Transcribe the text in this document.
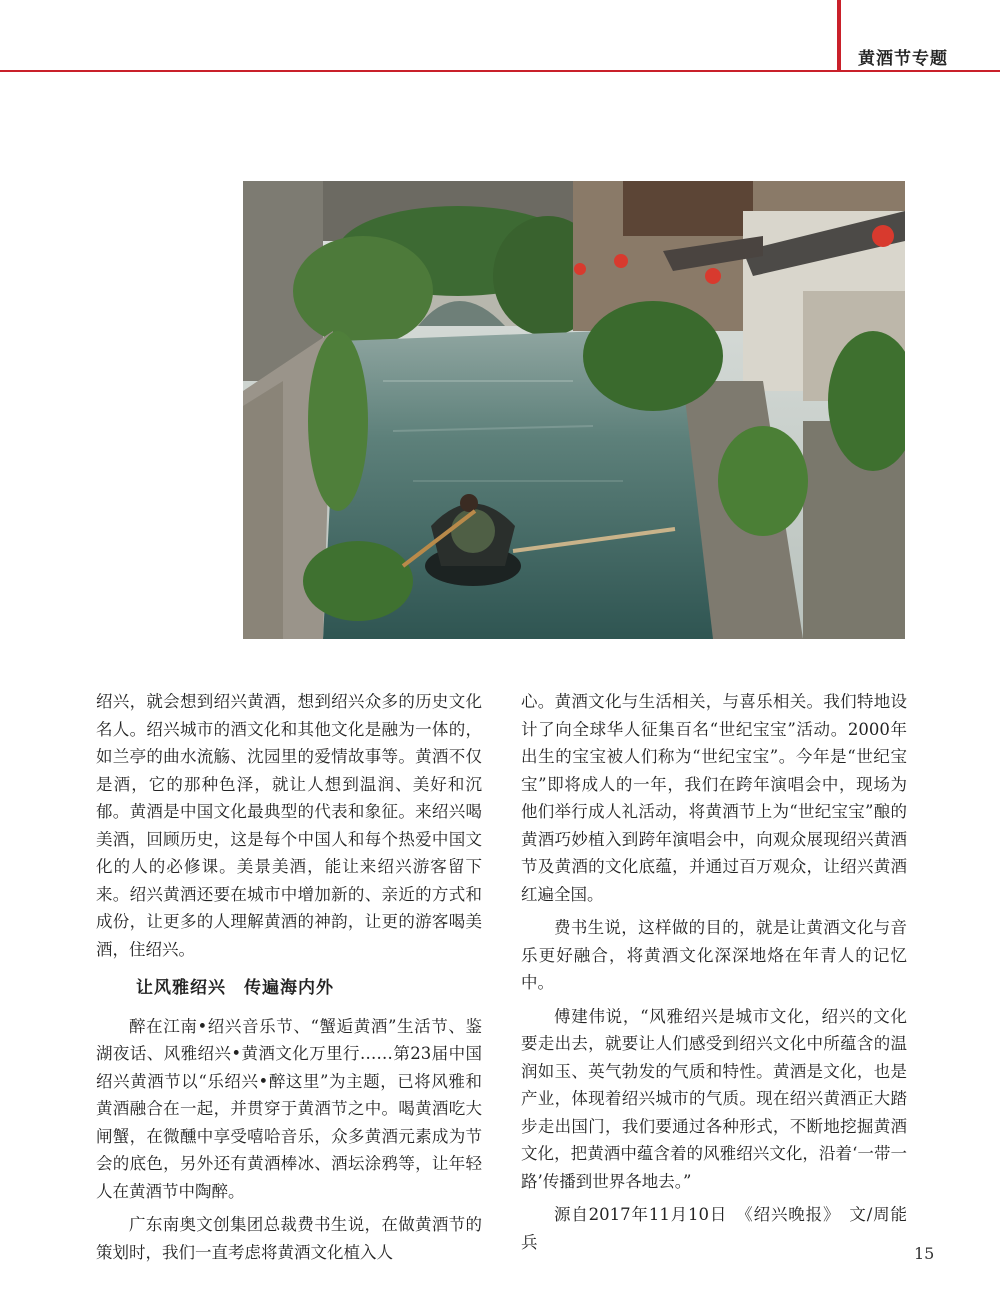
黄酒节专题

绍兴，就会想到绍兴黄酒，想到绍兴众多的历史文化名人。绍兴城市的酒文化和其他文化是融为一体的，如兰亭的曲水流觞、沈园里的爱情故事等。黄酒不仅是酒，它的那种色泽，就让人想到温润、美好和沉郁。黄酒是中国文化最典型的代表和象征。来绍兴喝美酒，回顾历史，这是每个中国人和每个热爱中国文化的人的必修课。美景美酒，能让来绍兴游客留下来。绍兴黄酒还要在城市中增加新的、亲近的方式和成份，让更多的人理解黄酒的神韵，让更的游客喝美酒，住绍兴。

让风雅绍兴　传遍海内外

醉在江南•绍兴音乐节、“蟹逅黄酒”生活节、鉴湖夜话、风雅绍兴•黄酒文化万里行……第23届中国绍兴黄酒节以“乐绍兴•醉这里”为主题，已将风雅和黄酒融合在一起，并贯穿于黄酒节之中。喝黄酒吃大闸蟹，在微醺中享受嘻哈音乐，众多黄酒元素成为节会的底色，另外还有黄酒棒冰、酒坛涂鸦等，让年轻人在黄酒节中陶醉。

广东南奥文创集团总裁费书生说，在做黄酒节的策划时，我们一直考虑将黄酒文化植入人

心。黄酒文化与生活相关，与喜乐相关。我们特地设计了向全球华人征集百名“世纪宝宝”活动。2000年出生的宝宝被人们称为“世纪宝宝”。今年是“世纪宝宝”即将成人的一年，我们在跨年演唱会中，现场为他们举行成人礼活动，将黄酒节上为“世纪宝宝”酿的黄酒巧妙植入到跨年演唱会中，向观众展现绍兴黄酒节及黄酒的文化底蕴，并通过百万观众，让绍兴黄酒红遍全国。

费书生说，这样做的目的，就是让黄酒文化与音乐更好融合，将黄酒文化深深地烙在年青人的记忆中。

傅建伟说，“风雅绍兴是城市文化，绍兴的文化要走出去，就要让人们感受到绍兴文化中所蕴含的温润如玉、英气勃发的气质和特性。黄酒是文化，也是产业，体现着绍兴城市的气质。现在绍兴黄酒正大踏步走出国门，我们要通过各种形式，不断地挖掘黄酒文化，把黄酒中蕴含着的风雅绍兴文化，沿着‘一带一路’传播到世界各地去。”

源自2017年11月10日　《绍兴晚报》　文/周能兵

15
